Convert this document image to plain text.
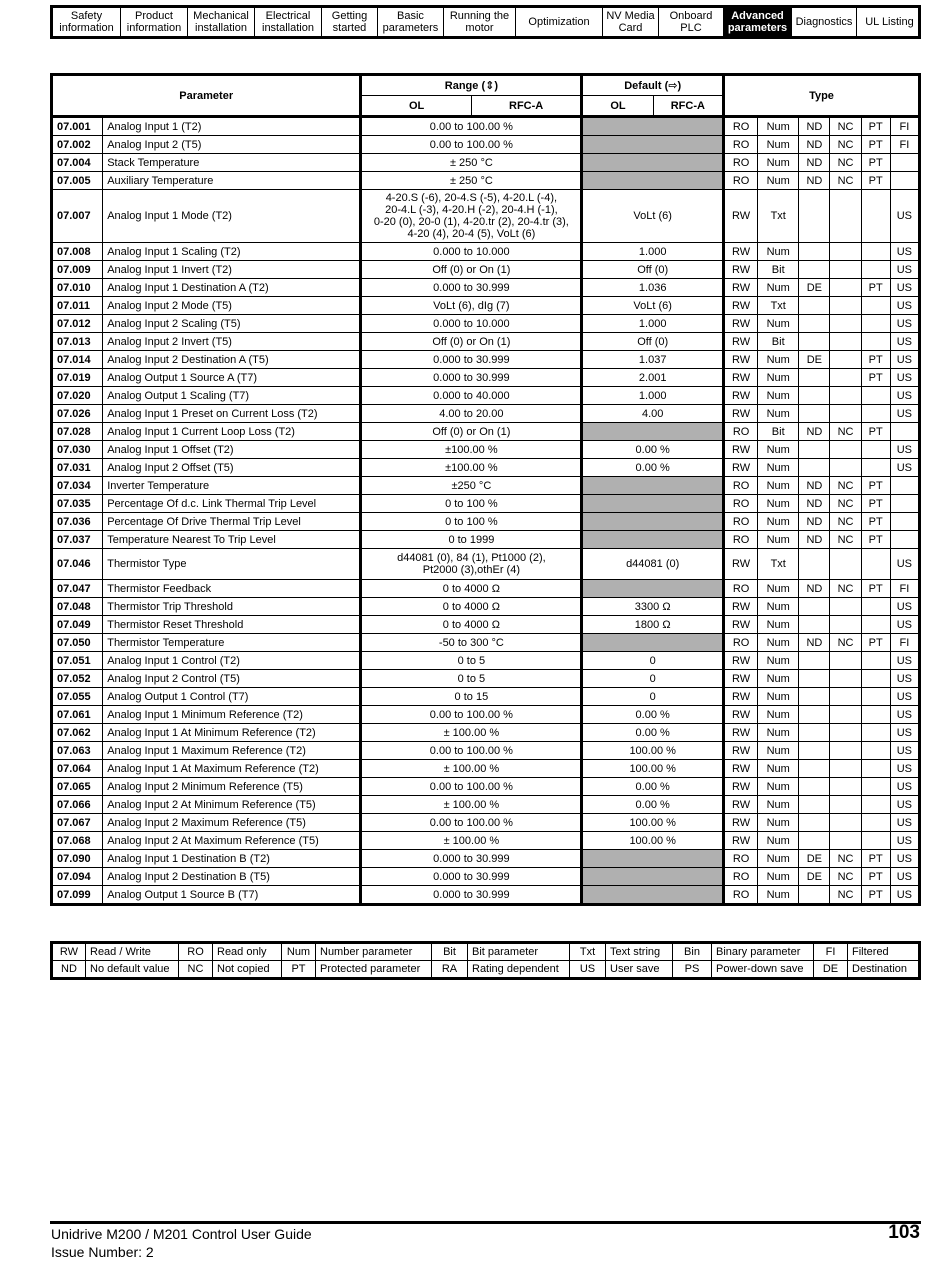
Safety
information
Product
information
Mechanical
installation
Electrical
installation
Getting
started
Basic
parameters
Running the
motor	Optimization	NV Media
Card
Onboard
PLC
Advanced
parameters Diagnostics	UL Listing
Parameter		Range (⇕)		Default (⇨)		Type					
		OL	RFC-A	OL	RFC-A						
07.001	Analog Input 1 (T2)	0.00 to 100.00 %				RO	Num	ND	NC	PT	FI
07.002	Analog Input 2 (T5)	0.00 to 100.00 %				RO	Num	ND	NC	PT	FI
07.004	Stack Temperature	± 250 °C				RO	Num	ND	NC	PT	
07.005	Auxiliary Temperature	± 250 °C				RO	Num	ND	NC	PT	
07.007	Analog Input 1 Mode (T2)	4-20.S (-6), 20-4.S (-5), 4-20.L (-4),
20-4.L (-3), 4-20.H (-2), 20-4.H (-1),
0-20 (0), 20-0 (1), 4-20.tr (2), 20-4.tr (3),
4-20 (4), 20-4 (5), VoLt (6)		VoLt (6)		RW	Txt				US
07.008	Analog Input 1 Scaling (T2)	0.000 to 10.000		1.000		RW	Num				US
07.009	Analog Input 1 Invert (T2)	Off (0) or On (1)		Off (0)		RW	Bit				US
07.010	Analog Input 1 Destination A (T2)	0.000 to 30.999		1.036		RW	Num	DE		PT	US
07.011	Analog Input 2 Mode (T5)	VoLt (6), dIg (7)		VoLt (6)		RW	Txt				US
07.012	Analog Input 2 Scaling (T5)	0.000 to 10.000		1.000		RW	Num				US
07.013	Analog Input 2 Invert (T5)	Off (0) or On (1)		Off (0)		RW	Bit				US
07.014	Analog Input 2 Destination A (T5)	0.000 to 30.999		1.037		RW	Num	DE		PT	US
07.019	Analog Output 1 Source A (T7)	0.000 to 30.999		2.001		RW	Num			PT	US
07.020	Analog Output 1 Scaling (T7)	0.000 to 40.000		1.000		RW	Num				US
07.026	Analog Input 1 Preset on Current Loss (T2)	4.00 to 20.00		4.00		RW	Num				US
07.028	Analog Input 1 Current Loop Loss (T2)	Off (0) or On (1)				RO	Bit	ND	NC	PT	
07.030	Analog Input 1 Offset (T2)	±100.00 %		0.00 %		RW	Num				US
07.031	Analog Input 2 Offset (T5)	±100.00 %		0.00 %		RW	Num				US
07.034	Inverter Temperature	±250 °C				RO	Num	ND	NC	PT	
07.035	Percentage Of d.c. Link Thermal Trip Level	0 to 100 %				RO	Num	ND	NC	PT	
07.036	Percentage Of Drive Thermal Trip Level	0 to 100 %				RO	Num	ND	NC	PT	
07.037	Temperature Nearest To Trip Level	0 to 1999				RO	Num	ND	NC	PT	
07.046	Thermistor Type	d44081 (0), 84 (1), Pt1000 (2),
Pt2000 (3),othEr (4)		d44081 (0)		RW	Txt				US
07.047	Thermistor Feedback	0 to 4000 Ω				RO	Num	ND	NC	PT	FI
07.048	Thermistor Trip Threshold	0 to 4000 Ω		3300 Ω		RW	Num				US
07.049	Thermistor Reset Threshold	0 to 4000 Ω		1800 Ω		RW	Num				US
07.050	Thermistor Temperature	-50 to 300 °C				RO	Num	ND	NC	PT	FI
07.051	Analog Input 1 Control (T2)	0 to 5		0		RW	Num				US
07.052	Analog Input 2 Control (T5)	0 to 5		0		RW	Num				US
07.055	Analog Output 1 Control (T7)	0 to 15		0		RW	Num				US
07.061	Analog Input 1 Minimum Reference (T2)	0.00 to 100.00 %		0.00 %		RW	Num				US
07.062	Analog Input 1 At Minimum Reference (T2)	± 100.00 %		0.00 %		RW	Num				US
07.063	Analog Input 1 Maximum Reference (T2)	0.00 to 100.00 %		100.00 %		RW	Num				US
07.064	Analog Input 1 At Maximum Reference (T2)	± 100.00 %		100.00 %		RW	Num				US
07.065	Analog Input 2 Minimum Reference (T5)	0.00 to 100.00 %		0.00 %		RW	Num				US
07.066	Analog Input 2 At Minimum Reference (T5)	± 100.00 %		0.00 %		RW	Num				US
07.067	Analog Input 2 Maximum Reference (T5)	0.00 to 100.00 %		100.00 %		RW	Num				US
07.068	Analog Input 2 At Maximum Reference (T5)	± 100.00 %		100.00 %		RW	Num				US
07.090	Analog Input 1 Destination B (T2)	0.000 to 30.999				RO	Num	DE	NC	PT	US
07.094	Analog Input 2 Destination B (T5)	0.000 to 30.999				RO	Num	DE	NC	PT	US
07.099	Analog Output 1 Source B (T7)	0.000 to 30.999				RO	Num		NC	PT	US
RW	Read / Write	RO	Read only	Num	Number parameter	Bit	Bit parameter	Txt	Text string	Bin	Binary parameter	FI	Filtered
ND	No default value	NC	Not copied	PT	Protected parameter	RA	Rating dependent	US	User save	PS	Power-down save	DE	Destination
Unidrive M200 / M201 Control User Guide
Issue Number: 2
103
